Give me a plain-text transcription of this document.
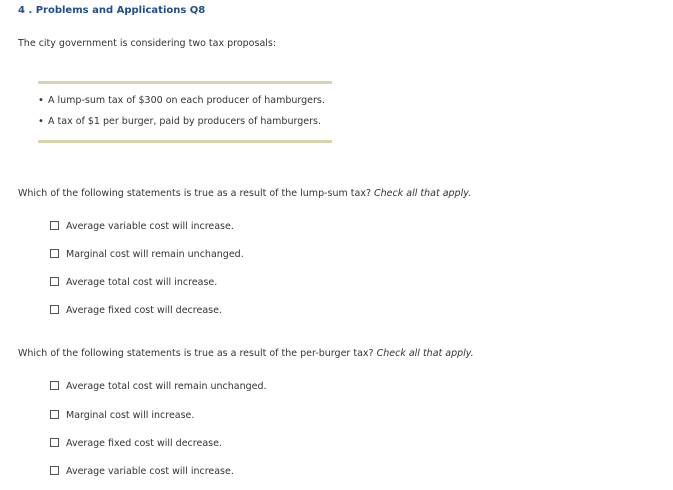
4 . Problems and Applications Q8
The city government is considering two tax proposals:
• A lump-sum tax of $300 on each producer of hamburgers.
• A tax of $1 per burger, paid by producers of hamburgers.
Which of the following statements is true as a result of the lump-sum tax? Check all that apply.
Average variable cost will increase.
Marginal cost will remain unchanged.
Average total cost will increase.
Average fixed cost will decrease.
Which of the following statements is true as a result of the per-burger tax? Check all that apply.
Average total cost will remain unchanged.
Marginal cost will increase.
Average fixed cost will decrease.
Average variable cost will increase.
